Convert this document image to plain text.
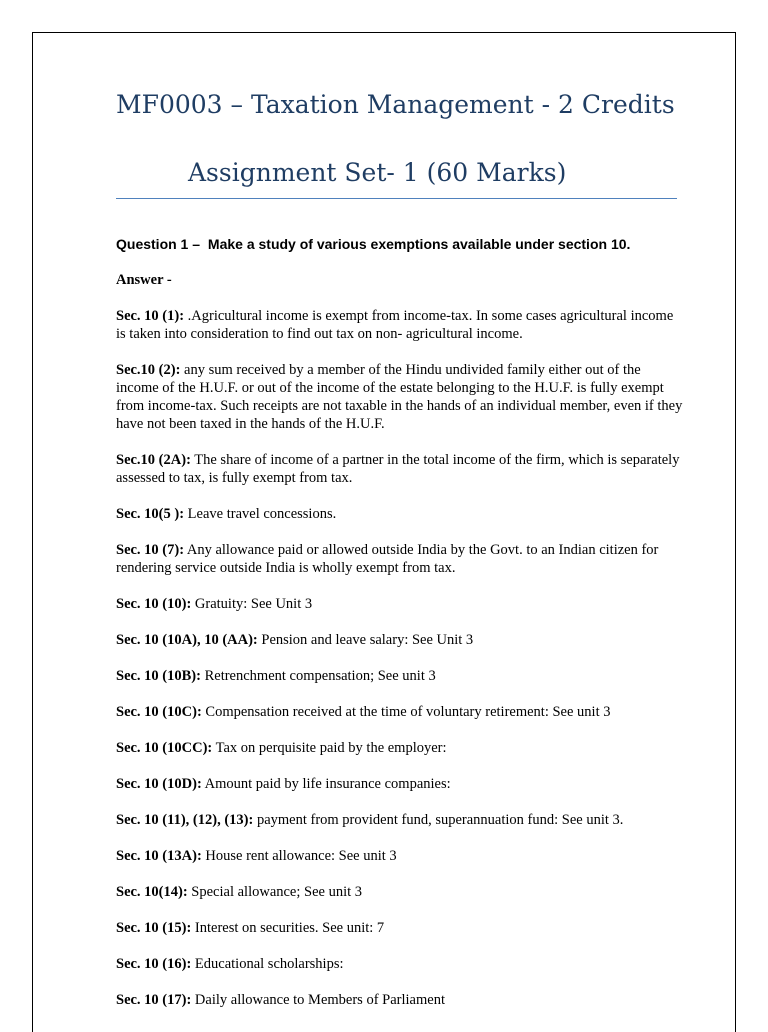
MF0003 – Taxation Management - 2 Credits
Assignment Set- 1 (60 Marks)
Question 1 – Make a study of various exemptions available under section 10.
Answer -

Sec. 10 (1): .Agricultural income is exempt from income-tax. In some cases agricultural income is taken into consideration to find out tax on non- agricultural income.

Sec.10 (2): any sum received by a member of the Hindu undivided family either out of the income of the H.U.F. or out of the income of the estate belonging to the H.U.F. is fully exempt from income-tax. Such receipts are not taxable in the hands of an individual member, even if they have not been taxed in the hands of the H.U.F.

Sec.10 (2A): The share of income of a partner in the total income of the firm, which is separately assessed to tax, is fully exempt from tax.

Sec. 10(5 ): Leave travel concessions.

Sec. 10 (7): Any allowance paid or allowed outside India by the Govt. to an Indian citizen for rendering service outside India is wholly exempt from tax.

Sec. 10 (10): Gratuity: See Unit 3

Sec. 10 (10A), 10 (AA): Pension and leave salary: See Unit 3

Sec. 10 (10B): Retrenchment compensation; See unit 3

Sec. 10 (10C): Compensation received at the time of voluntary retirement: See unit 3

Sec. 10 (10CC): Tax on perquisite paid by the employer:

Sec. 10 (10D): Amount paid by life insurance companies:

Sec. 10 (11), (12), (13): payment from provident fund, superannuation fund: See unit 3.

Sec. 10 (13A): House rent allowance: See unit 3

Sec. 10(14): Special allowance; See unit 3

Sec. 10 (15): Interest on securities. See unit: 7

Sec. 10 (16): Educational scholarships:

Sec. 10 (17): Daily allowance to Members of Parliament
